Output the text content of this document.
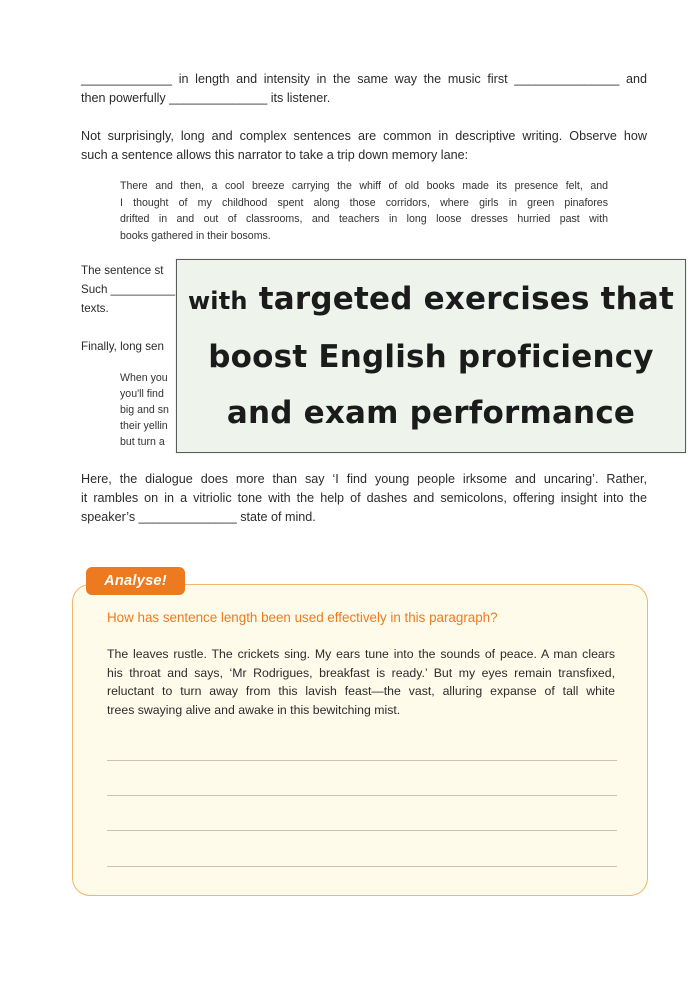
_____________ in length and intensity in the same way the music first _______________ and
then powerfully ______________ its listener.

Not surprisingly, long and complex sentences are common in descriptive writing. Observe how
such a sentence allows this narrator to take a trip down memory lane:

There and then, a cool breeze carrying the whiff of old books made its presence felt, and
I thought of my childhood spent along those corridors, where girls in green pinafores
drifted in and out of classrooms, and teachers in long loose dresses hurried past with
books gathered in their bosoms.

The sentence st
Such __________
texts.
Finally, long sen
When you
you'll find
big and sn
their yellin
but turn a
with targeted exercises that
boost English proficiency
and exam performance

Here, the dialogue does more than say ‘I find young people irksome and uncaring’. Rather,
it rambles on in a vitriolic tone with the help of dashes and semicolons, offering insight into the
speaker’s ______________ state of mind.

Analyse!

How has sentence length been used effectively in this paragraph?

The leaves rustle. The crickets sing. My ears tune into the sounds of peace. A man clears
his throat and says, ‘Mr Rodrigues, breakfast is ready.’ But my eyes remain transfixed,
reluctant to turn away from this lavish feast—the vast, alluring expanse of tall white
trees swaying alive and awake in this bewitching mist.
